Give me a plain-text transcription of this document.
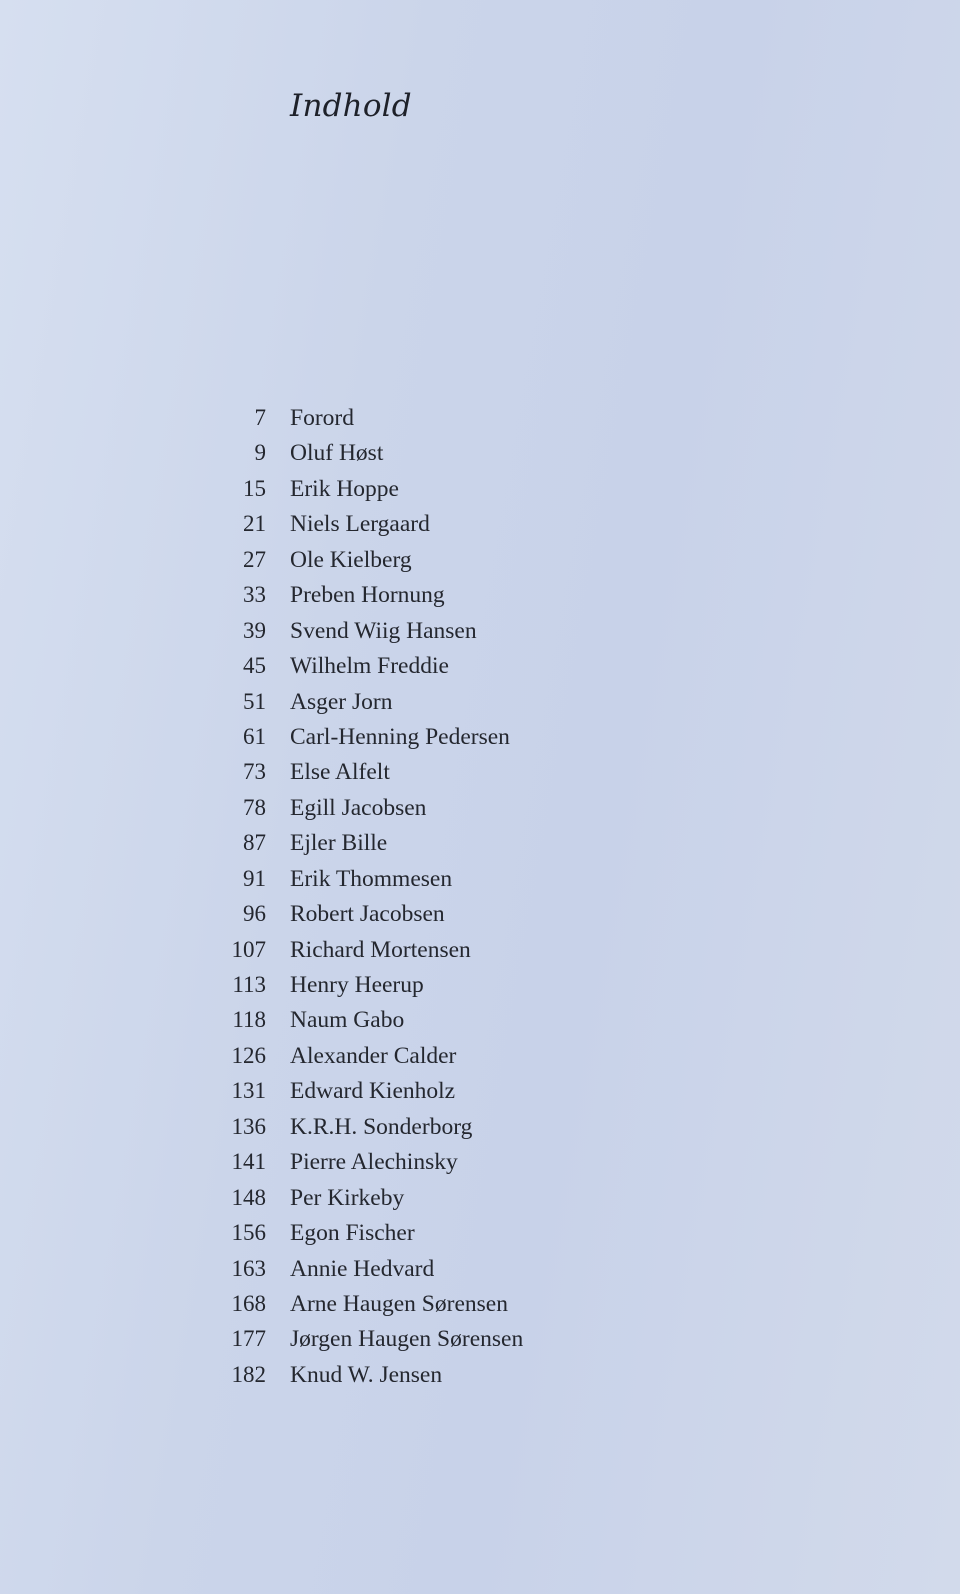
Indhold
7	Forord
9	Oluf Høst
15	Erik Hoppe
21	Niels Lergaard
27	Ole Kielberg
33	Preben Hornung
39	Svend Wiig Hansen
45	Wilhelm Freddie
51	Asger Jorn
61	Carl-Henning Pedersen
73	Else Alfelt
78	Egill Jacobsen
87	Ejler Bille
91	Erik Thommesen
96	Robert Jacobsen
107	Richard Mortensen
113	Henry Heerup
118	Naum Gabo
126	Alexander Calder
131	Edward Kienholz
136	K.R.H. Sonderborg
141	Pierre Alechinsky
148	Per Kirkeby
156	Egon Fischer
163	Annie Hedvard
168	Arne Haugen Sørensen
177	Jørgen Haugen Sørensen
182	Knud W. Jensen
